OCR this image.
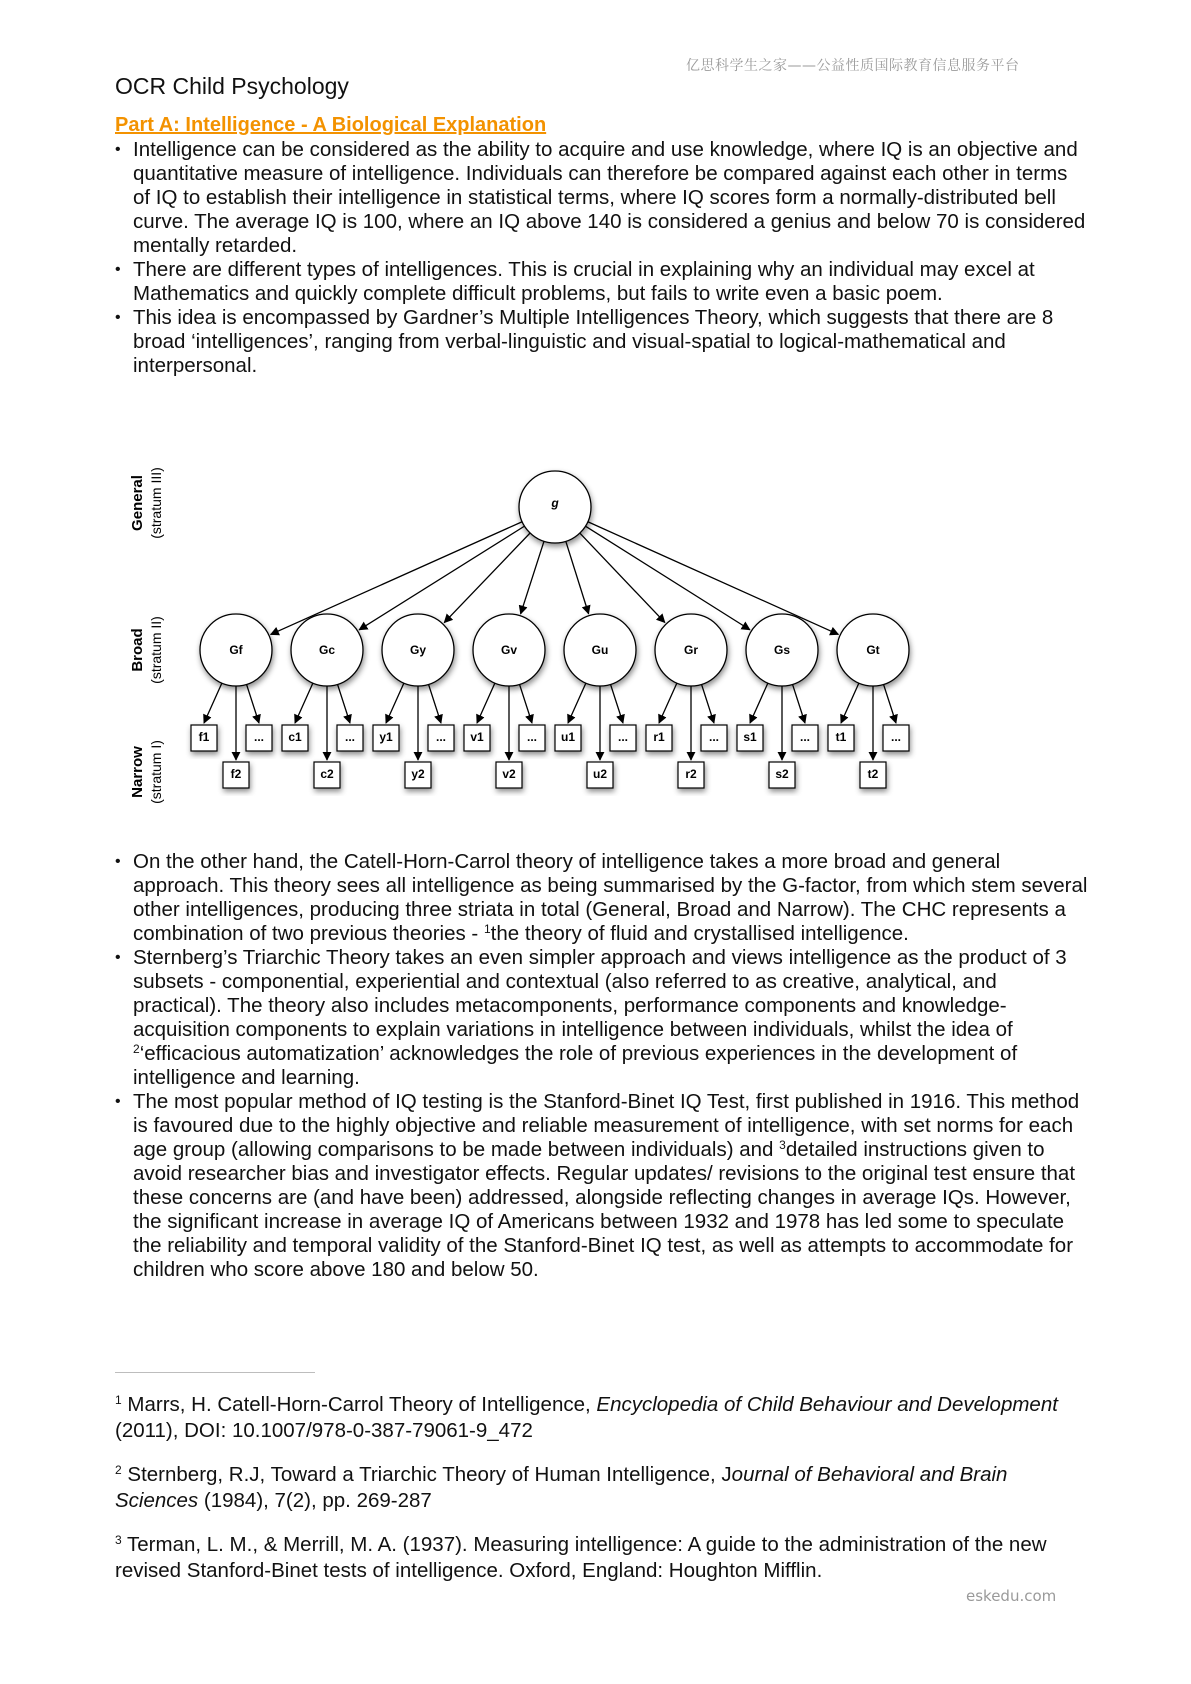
亿思科学生之家——公益性质国际教育信息服务平台
OCR Child Psychology
Part A: Intelligence - A Biological Explanation
• Intelligence can be considered as the ability to acquire and use knowledge, where IQ is an objective and quantitative measure of intelligence. Individuals can therefore be compared against each other in terms of IQ to establish their intelligence in statistical terms, where IQ scores form a normally-distributed bell curve. The average IQ is 100, where an IQ above 140 is considered a genius and below 70 is considered mentally retarded.
• There are different types of intelligences. This is crucial in explaining why an individual may excel at Mathematics and quickly complete difficult problems, but fails to write even a basic poem.
• This idea is encompassed by Gardner’s Multiple Intelligences Theory, which suggests that there are 8 broad ‘intelligences’, ranging from verbal-linguistic and visual-spatial to logical-mathematical and interpersonal.
g
Gf
f1	...
f2
Gc
c1	...
c2
Gy
y1	...
y2
Gv
v1	...
v2
Gu
u1	...
u2
Gr
r1	...
r2
Gs
s1	...
s2
Gt
t1	...
t2
General (stratum III)
Broad (stratum II)
Narrow (stratum I)
• On the other hand, the Catell-Horn-Carrol theory of intelligence takes a more broad and general approach. This theory sees all intelligence as being summarised by the G-factor, from which stem several other intelligences, producing three striata in total (General, Broad and Narrow). The CHC represents a combination of two previous theories - $^1$the theory of fluid and crystallised intelligence.
• Sternberg’s Triarchic Theory takes an even simpler approach and views intelligence as the product of 3 subsets - componential, experiential and contextual (also referred to as creative, analytical, and practical). The theory also includes metacomponents, performance components and knowledge-acquisition components to explain variations in intelligence between individuals, whilst the idea of $^2$‘efficacious automatization’ acknowledges the role of previous experiences in the development of intelligence and learning.
• The most popular method of IQ testing is the Stanford-Binet IQ Test, first published in 1916. This method is favoured due to the highly objective and reliable measurement of intelligence, with set norms for each age group (allowing comparisons to be made between individuals) and $^3$detailed instructions given to avoid researcher bias and investigator effects. Regular updates/ revisions to the original test ensure that these concerns are (and have been) addressed, alongside reflecting changes in average IQs. However, the significant increase in average IQ of Americans between 1932 and 1978 has led some to speculate the reliability and temporal validity of the Stanford-Binet IQ test, as well as attempts to accommodate for children who score above 180 and below 50.

$^1$ Marrs, H. Catell-Horn-Carrol Theory of Intelligence, Encyclopedia of Child Behaviour and Development (2011), DOI: 10.1007/978-0-387-79061-9_472

$^2$ Sternberg, R.J, Toward a Triarchic Theory of Human Intelligence, Journal of Behavioral and Brain Sciences (1984), 7(2), pp. 269-287

$^3$ Terman, L. M., & Merrill, M. A. (1937). Measuring intelligence: A guide to the administration of the new revised Stanford-Binet tests of intelligence. Oxford, England: Houghton Mifflin.

eskedu.com
